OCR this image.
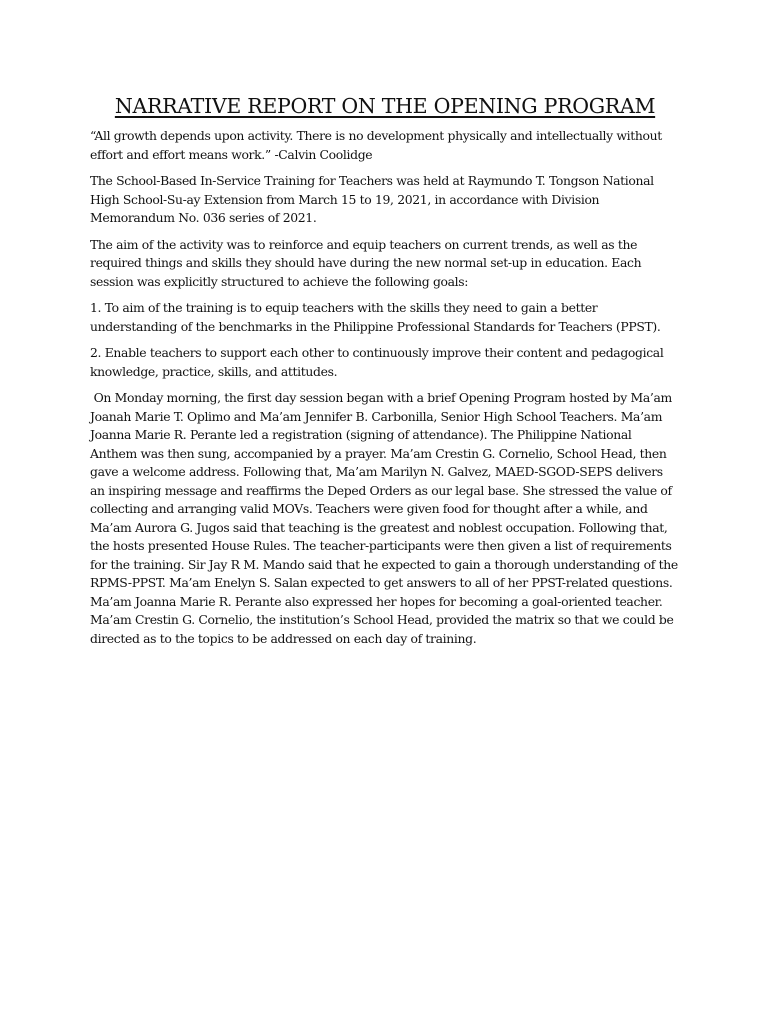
NARRATIVE REPORT ON THE OPENING PROGRAM

“All growth depends upon activity. There is no development physically and intellectually without effort and effort means work.” -Calvin Coolidge

The School-Based In-Service Training for Teachers was held at Raymundo T. Tongson National High School-Su-ay Extension from March 15 to 19, 2021, in accordance with Division Memorandum No. 036 series of 2021.

The aim of the activity was to reinforce and equip teachers on current trends, as well as the required things and skills they should have during the new normal set-up in education. Each session was explicitly structured to achieve the following goals:

1. To aim of the training is to equip teachers with the skills they need to gain a better understanding of the benchmarks in the Philippine Professional Standards for Teachers (PPST).

2. Enable teachers to support each other to continuously improve their content and pedagogical knowledge, practice, skills, and attitudes.

On Monday morning, the first day session began with a brief Opening Program hosted by Ma’am Joanah Marie T. Oplimo and Ma’am Jennifer B. Carbonilla, Senior High School Teachers. Ma’am Joanna Marie R. Perante led a registration (signing of attendance). The Philippine National Anthem was then sung, accompanied by a prayer. Ma’am Crestin G. Cornelio, School Head, then gave a welcome address. Following that, Ma’am Marilyn N. Galvez, MAED-SGOD-SEPS delivers an inspiring message and reaffirms the Deped Orders as our legal base. She stressed the value of collecting and arranging valid MOVs. Teachers were given food for thought after a while, and Ma’am Aurora G. Jugos said that teaching is the greatest and noblest occupation. Following that, the hosts presented House Rules. The teacher-participants were then given a list of requirements for the training. Sir Jay R M. Mando said that he expected to gain a thorough understanding of the RPMS-PPST. Ma’am Enelyn S. Salan expected to get answers to all of her PPST-related questions. Ma’am Joanna Marie R. Perante also expressed her hopes for becoming a goal-oriented teacher. Ma’am Crestin G. Cornelio, the institution’s School Head, provided the matrix so that we could be directed as to the topics to be addressed on each day of training.
